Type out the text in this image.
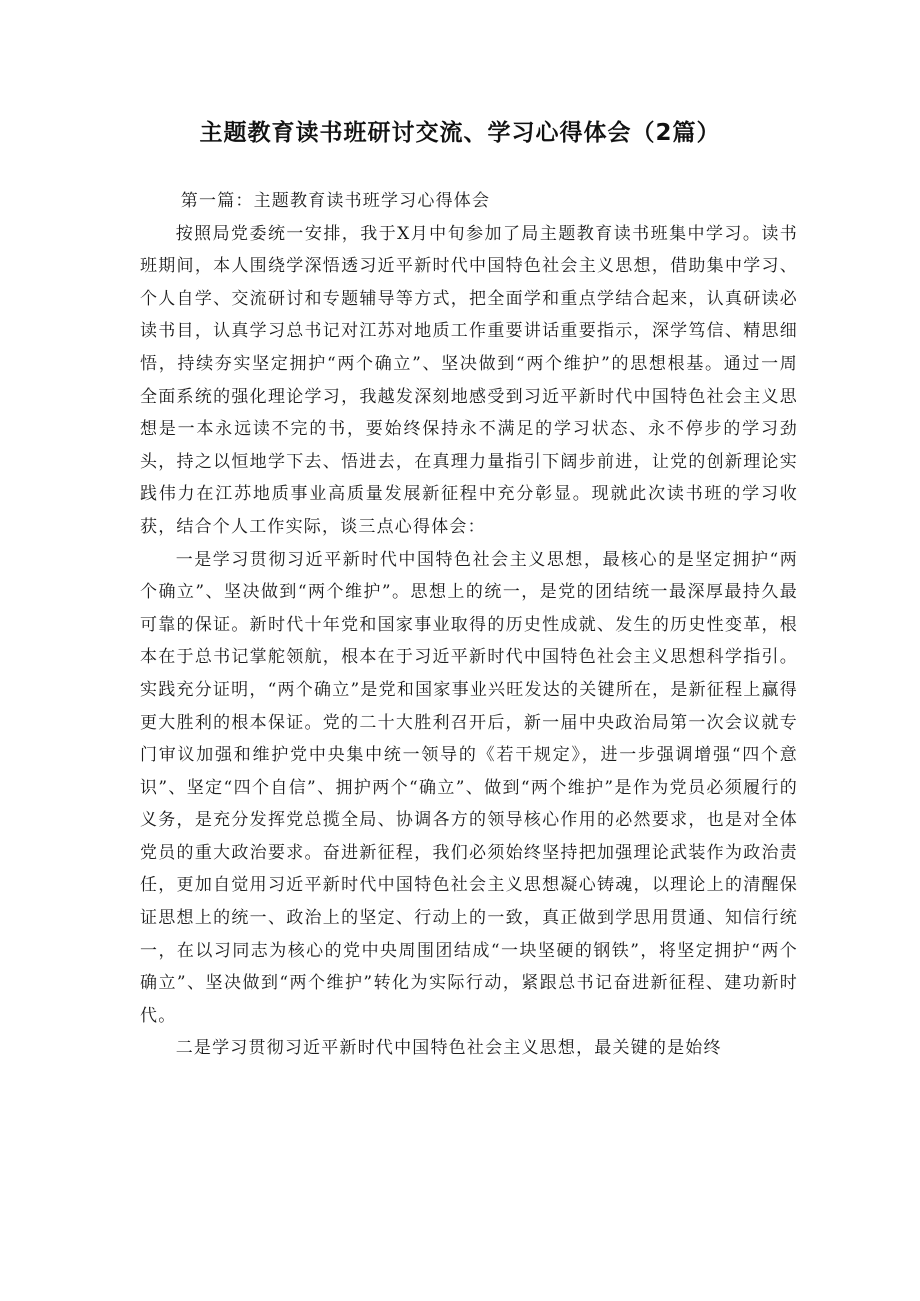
主题教育读书班研讨交流、学习心得体会（2篇）

第一篇：主题教育读书班学习心得体会

按照局党委统一安排，我于X月中旬参加了局主题教育读书班集中学习。读书班期间，本人围绕学深悟透习近平新时代中国特色社会主义思想，借助集中学习、个人自学、交流研讨和专题辅导等方式，把全面学和重点学结合起来，认真研读必读书目，认真学习总书记对江苏对地质工作重要讲话重要指示，深学笃信、精思细悟，持续夯实坚定拥护“两个确立”、坚决做到“两个维护”的思想根基。通过一周全面系统的强化理论学习，我越发深刻地感受到习近平新时代中国特色社会主义思想是一本永远读不完的书，要始终保持永不满足的学习状态、永不停步的学习劲头，持之以恒地学下去、悟进去，在真理力量指引下阔步前进，让党的创新理论实践伟力在江苏地质事业高质量发展新征程中充分彰显。现就此次读书班的学习收获，结合个人工作实际，谈三点心得体会：

一是学习贯彻习近平新时代中国特色社会主义思想，最核心的是坚定拥护“两个确立”、坚决做到“两个维护”。思想上的统一，是党的团结统一最深厚最持久最可靠的保证。新时代十年党和国家事业取得的历史性成就、发生的历史性变革，根本在于总书记掌舵领航，根本在于习近平新时代中国特色社会主义思想科学指引。实践充分证明，“两个确立”是党和国家事业兴旺发达的关键所在，是新征程上赢得更大胜利的根本保证。党的二十大胜利召开后，新一届中央政治局第一次会议就专门审议加强和维护党中央集中统一领导的《若干规定》，进一步强调增强“四个意识”、坚定“四个自信”、拥护两个“确立”、做到“两个维护”是作为党员必须履行的义务，是充分发挥党总揽全局、协调各方的领导核心作用的必然要求，也是对全体党员的重大政治要求。奋进新征程，我们必须始终坚持把加强理论武装作为政治责任，更加自觉用习近平新时代中国特色社会主义思想凝心铸魂，以理论上的清醒保证思想上的统一、政治上的坚定、行动上的一致，真正做到学思用贯通、知信行统一，在以习同志为核心的党中央周围团结成“一块坚硬的钢铁”，将坚定拥护“两个确立”、坚决做到“两个维护”转化为实际行动，紧跟总书记奋进新征程、建功新时代。

二是学习贯彻习近平新时代中国特色社会主义思想，最关键的是始终
